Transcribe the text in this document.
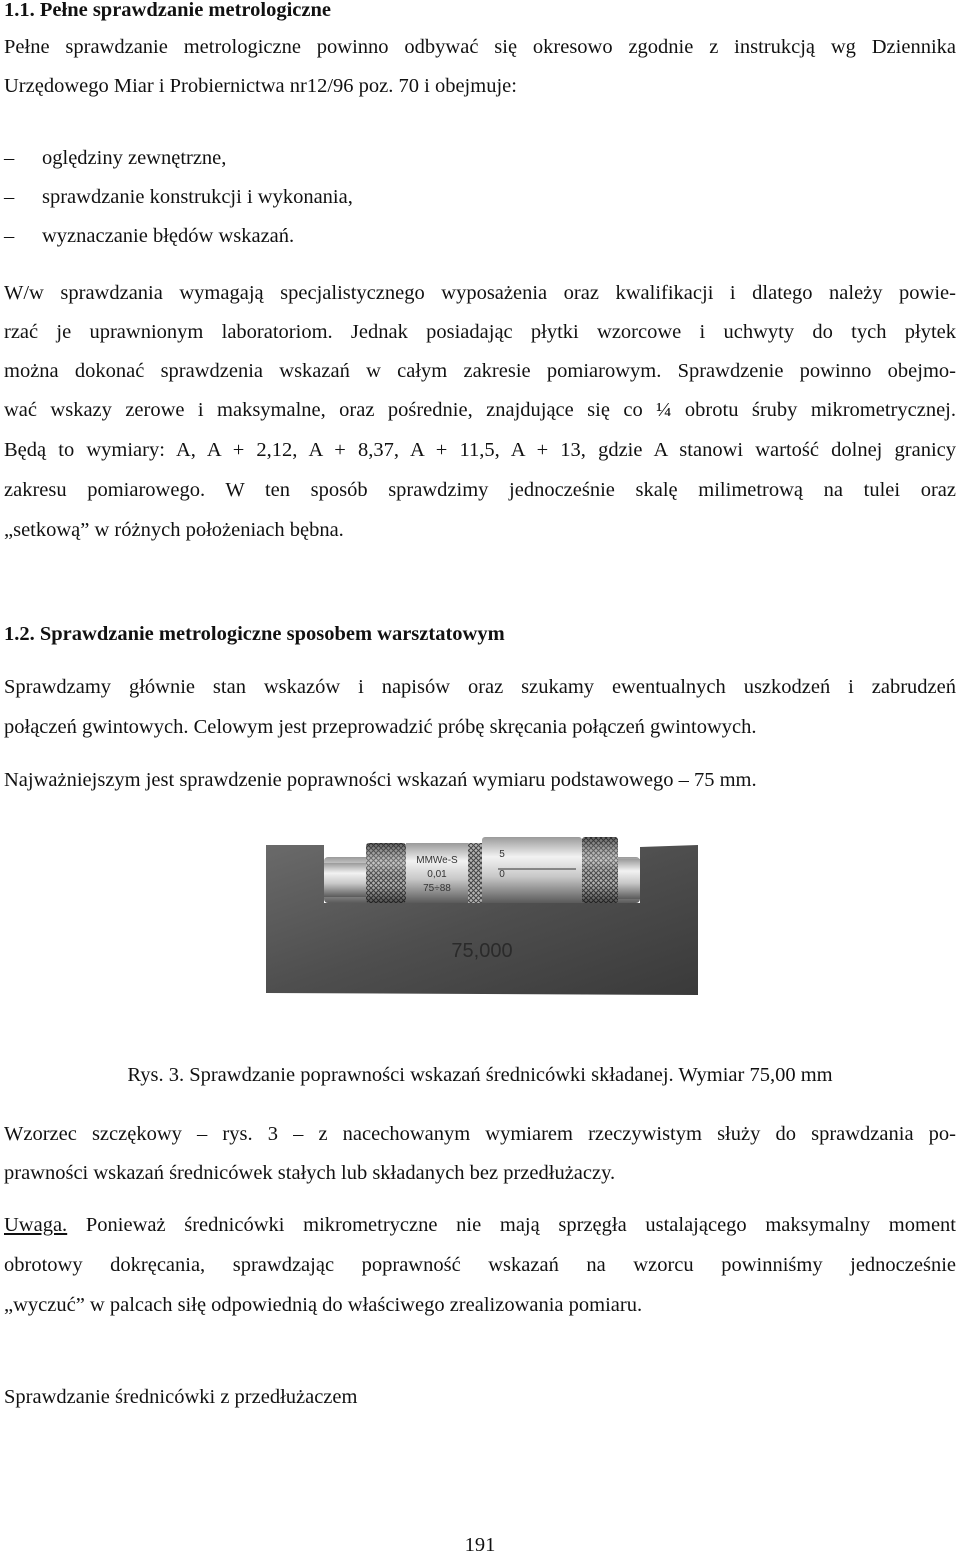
1.1. Pełne sprawdzanie metrologiczne

Pełne sprawdzanie metrologiczne powinno odbywać się okresowo zgodnie z instrukcją wg Dziennika

Urzędowego Miar i Probiernictwa nr12/96 poz. 70 i obejmuje:

– oględziny zewnętrzne,
– sprawdzanie konstrukcji i wykonania,
– wyznaczanie błędów wskazań.

W/w sprawdzania wymagają specjalistycznego wyposażenia oraz kwalifikacji i dlatego należy powie-

rzać je uprawnionym laboratoriom. Jednak posiadając płytki wzorcowe i uchwyty do tych płytek

można dokonać sprawdzenia wskazań w całym zakresie pomiarowym. Sprawdzenie powinno obejmo-

wać wskazy zerowe i maksymalne, oraz pośrednie, znajdujące się co ¼ obrotu śruby mikrometrycznej.

Będą to wymiary: A, A + 2,12, A + 8,37, A + 11,5, A + 13, gdzie A stanowi wartość dolnej granicy

zakresu pomiarowego. W ten sposób sprawdzimy jednocześnie skalę milimetrową na tulei oraz

„setkową” w różnych położeniach bębna.

1.2. Sprawdzanie metrologiczne sposobem warsztatowym

Sprawdzamy głównie stan wskazów i napisów oraz szukamy ewentualnych uszkodzeń i zabrudzeń

połączeń gwintowych. Celowym jest przeprowadzić próbę skręcania połączeń gwintowych.

Najważniejszym jest sprawdzenie poprawności wskazań wymiaru podstawowego – 75 mm.

MMWe-S
0,01
75÷88
5
0
75,000

Rys. 3. Sprawdzanie poprawności wskazań średnicówki składanej. Wymiar 75,00 mm

Wzorzec szczękowy – rys. 3 – z nacechowanym wymiarem rzeczywistym służy do sprawdzania po-

prawności wskazań średnicówek stałych lub składanych bez przedłużaczy.

Uwaga. Ponieważ średnicówki mikrometryczne nie mają sprzęgła ustalającego maksymalny moment

obrotowy dokręcania, sprawdzając poprawność wskazań na wzorcu powinniśmy jednocześnie

„wyczuć” w palcach siłę odpowiednią do właściwego zrealizowania pomiaru.

Sprawdzanie średnicówki z przedłużaczem

191
